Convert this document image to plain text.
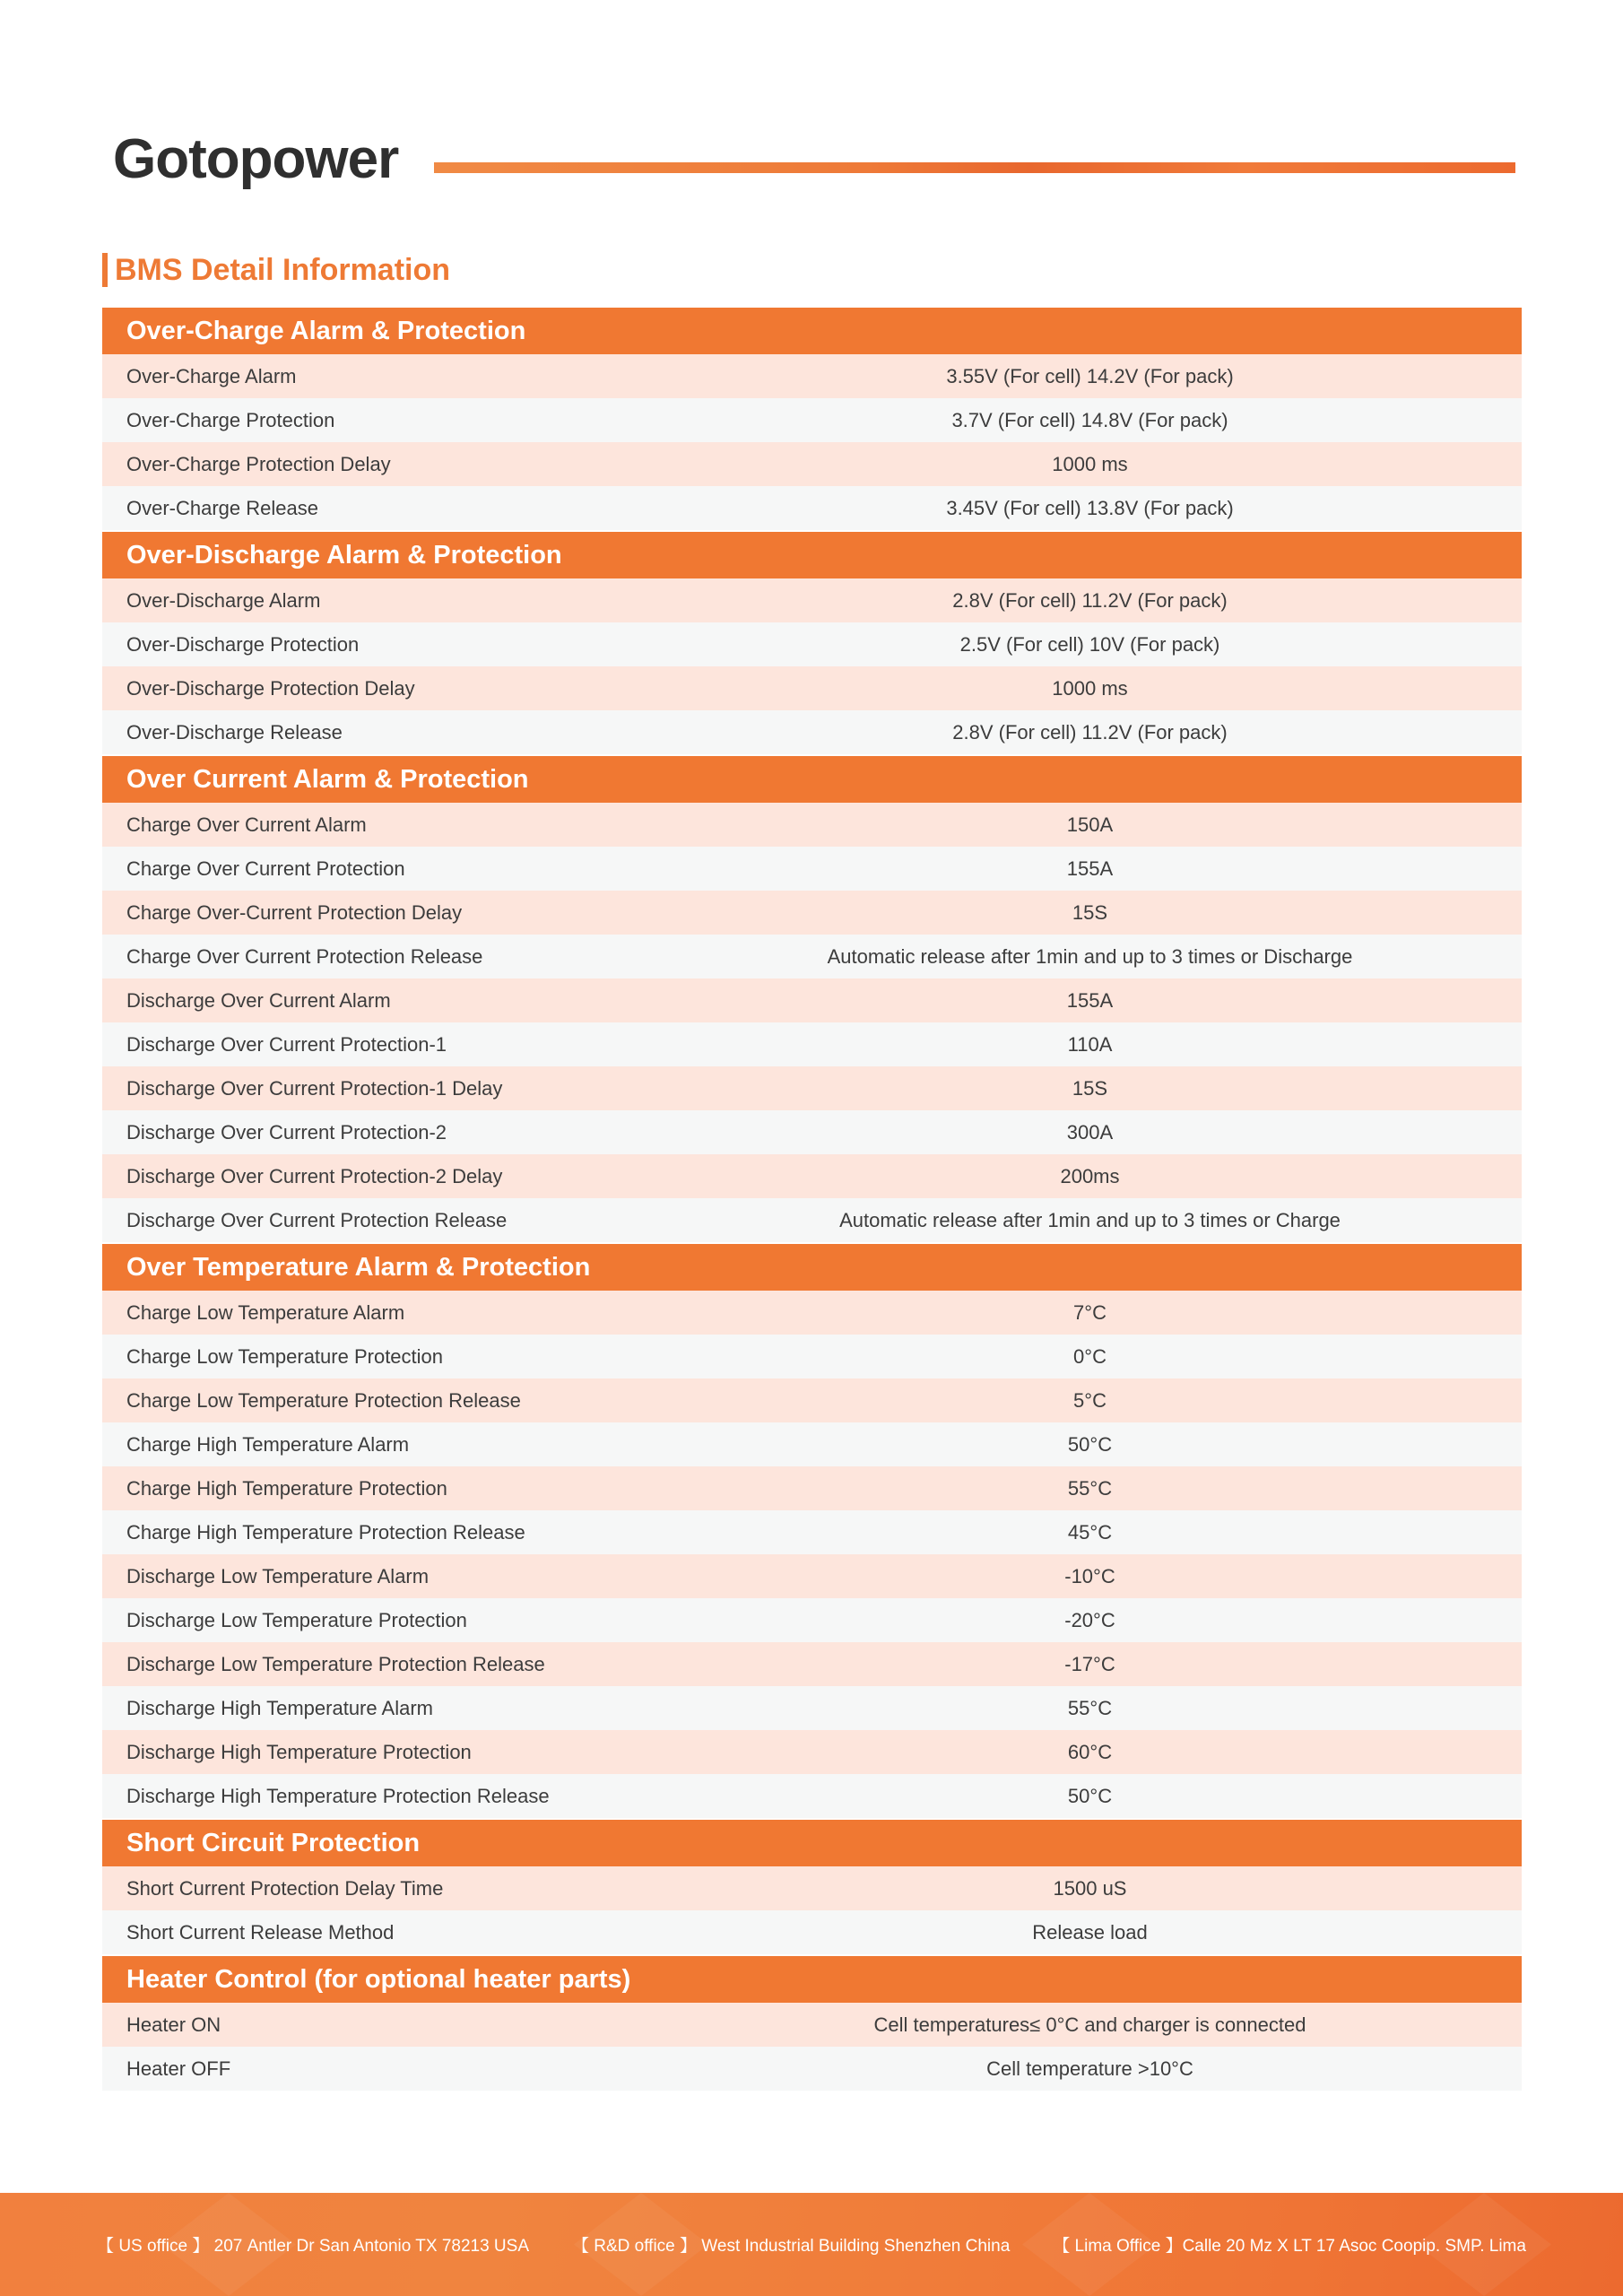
Gotopower
BMS Detail Information
Over-Charge Alarm & Protection
Over-Charge Alarm	3.55V (For cell) 14.2V (For pack)
Over-Charge Protection	3.7V (For cell) 14.8V (For pack)
Over-Charge Protection Delay	1000 ms
Over-Charge Release	3.45V (For cell) 13.8V (For pack)
Over-Discharge Alarm & Protection
Over-Discharge Alarm	2.8V (For cell) 11.2V (For pack)
Over-Discharge Protection	2.5V (For cell) 10V (For pack)
Over-Discharge Protection Delay	1000 ms
Over-Discharge Release	2.8V (For cell) 11.2V (For pack)
Over Current Alarm & Protection
Charge Over Current Alarm	150A
Charge Over Current Protection	155A
Charge Over-Current Protection Delay	15S
Charge Over Current Protection Release	Automatic release after 1min and up to 3 times or Discharge
Discharge Over Current Alarm	155A
Discharge Over Current Protection-1	110A
Discharge Over Current Protection-1 Delay	15S
Discharge Over Current Protection-2	300A
Discharge Over Current Protection-2 Delay	200ms
Discharge Over Current Protection Release	Automatic release after 1min and up to 3 times or Charge
Over Temperature Alarm & Protection
Charge Low Temperature Alarm	7°C
Charge Low Temperature Protection	0°C
Charge Low Temperature Protection Release	5°C
Charge High Temperature Alarm	50°C
Charge High Temperature Protection	55°C
Charge High Temperature Protection Release	45°C
Discharge Low Temperature Alarm	-10°C
Discharge Low Temperature Protection	-20°C
Discharge Low Temperature Protection Release	-17°C
Discharge High Temperature Alarm	55°C
Discharge High Temperature Protection	60°C
Discharge High Temperature Protection Release	50°C
Short Circuit Protection
Short Current Protection Delay Time	1500 uS
Short Current Release Method	Release load
Heater Control (for optional heater parts)
Heater ON	Cell temperatures≤ 0°C and charger is connected
Heater OFF	Cell temperature >10°C
【 US office 】 207 Antler Dr San Antonio TX 78213 USA	【 R&D office 】 West Industrial Building Shenzhen China	【 Lima Office 】Calle 20 Mz X LT 17 Asoc Coopip. SMP. Lima
